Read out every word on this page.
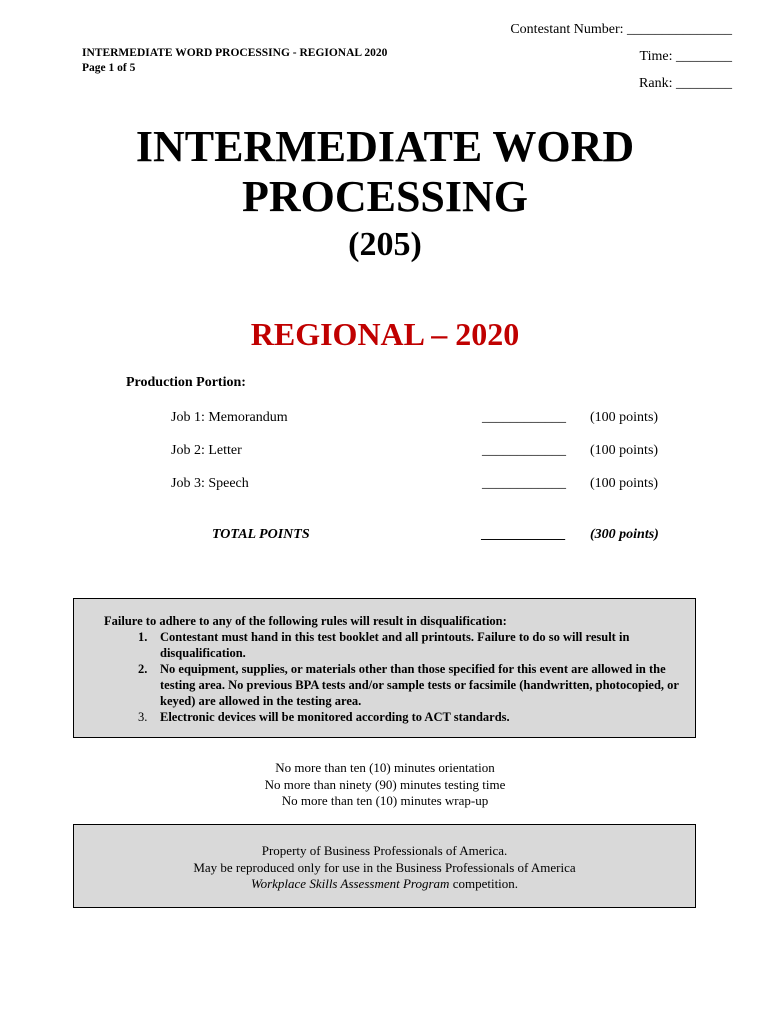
Contestant Number: _______________
Time: ________
Rank: ________
INTERMEDIATE WORD PROCESSING - REGIONAL 2020
Page 1 of 5
INTERMEDIATE WORD
PROCESSING
(205)
REGIONAL – 2020
Production Portion:
Job 1: Memorandum	____________ (100 points)
Job 2: Letter	____________ (100 points)
Job 3: Speech	____________ (100 points)
TOTAL POINTS	____________ (300 points)
Failure to adhere to any of the following rules will result in disqualification:
1. Contestant must hand in this test booklet and all printouts. Failure to do so will result in disqualification.
2. No equipment, supplies, or materials other than those specified for this event are allowed in the testing area. No previous BPA tests and/or sample tests or facsimile (handwritten, photocopied, or keyed) are allowed in the testing area.
3. Electronic devices will be monitored according to ACT standards.
No more than ten (10) minutes orientation
No more than ninety (90) minutes testing time
No more than ten (10) minutes wrap-up
Property of Business Professionals of America.
May be reproduced only for use in the Business Professionals of America
Workplace Skills Assessment Program competition.
